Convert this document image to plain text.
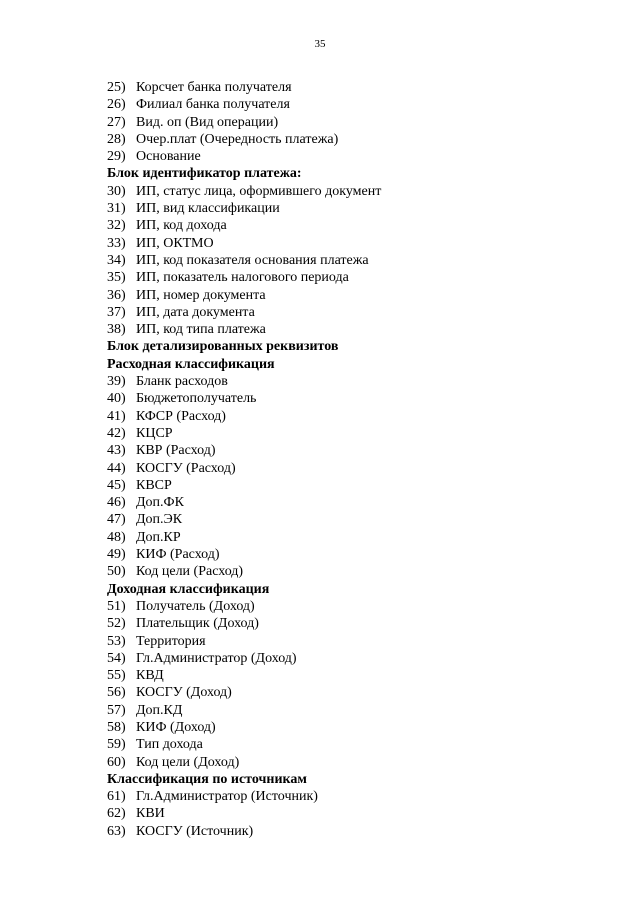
35
25) Корсчет банка получателя
26) Филиал банка получателя
27) Вид. оп (Вид операции)
28) Очер.плат (Очередность платежа)
29) Основание
Блок идентификатор платежа:
30) ИП, статус лица, оформившего документ
31) ИП, вид классификации
32) ИП, код дохода
33) ИП, ОКТМО
34) ИП, код показателя основания платежа
35) ИП, показатель налогового периода
36) ИП, номер документа
37) ИП, дата документа
38) ИП, код типа платежа
Блок детализированных реквизитов
Расходная классификация
39) Бланк расходов
40) Бюджетополучатель
41) КФСР (Расход)
42) КЦСР
43) КВР (Расход)
44) КОСГУ (Расход)
45) КВСР
46) Доп.ФК
47) Доп.ЭК
48) Доп.КР
49) КИФ (Расход)
50) Код цели (Расход)
Доходная классификация
51) Получатель (Доход)
52) Плательщик (Доход)
53) Территория
54) Гл.Администратор (Доход)
55) КВД
56) КОСГУ (Доход)
57) Доп.КД
58) КИФ (Доход)
59) Тип дохода
60) Код цели (Доход)
Классификация по источникам
61) Гл.Администратор (Источник)
62) КВИ
63) КОСГУ (Источник)
